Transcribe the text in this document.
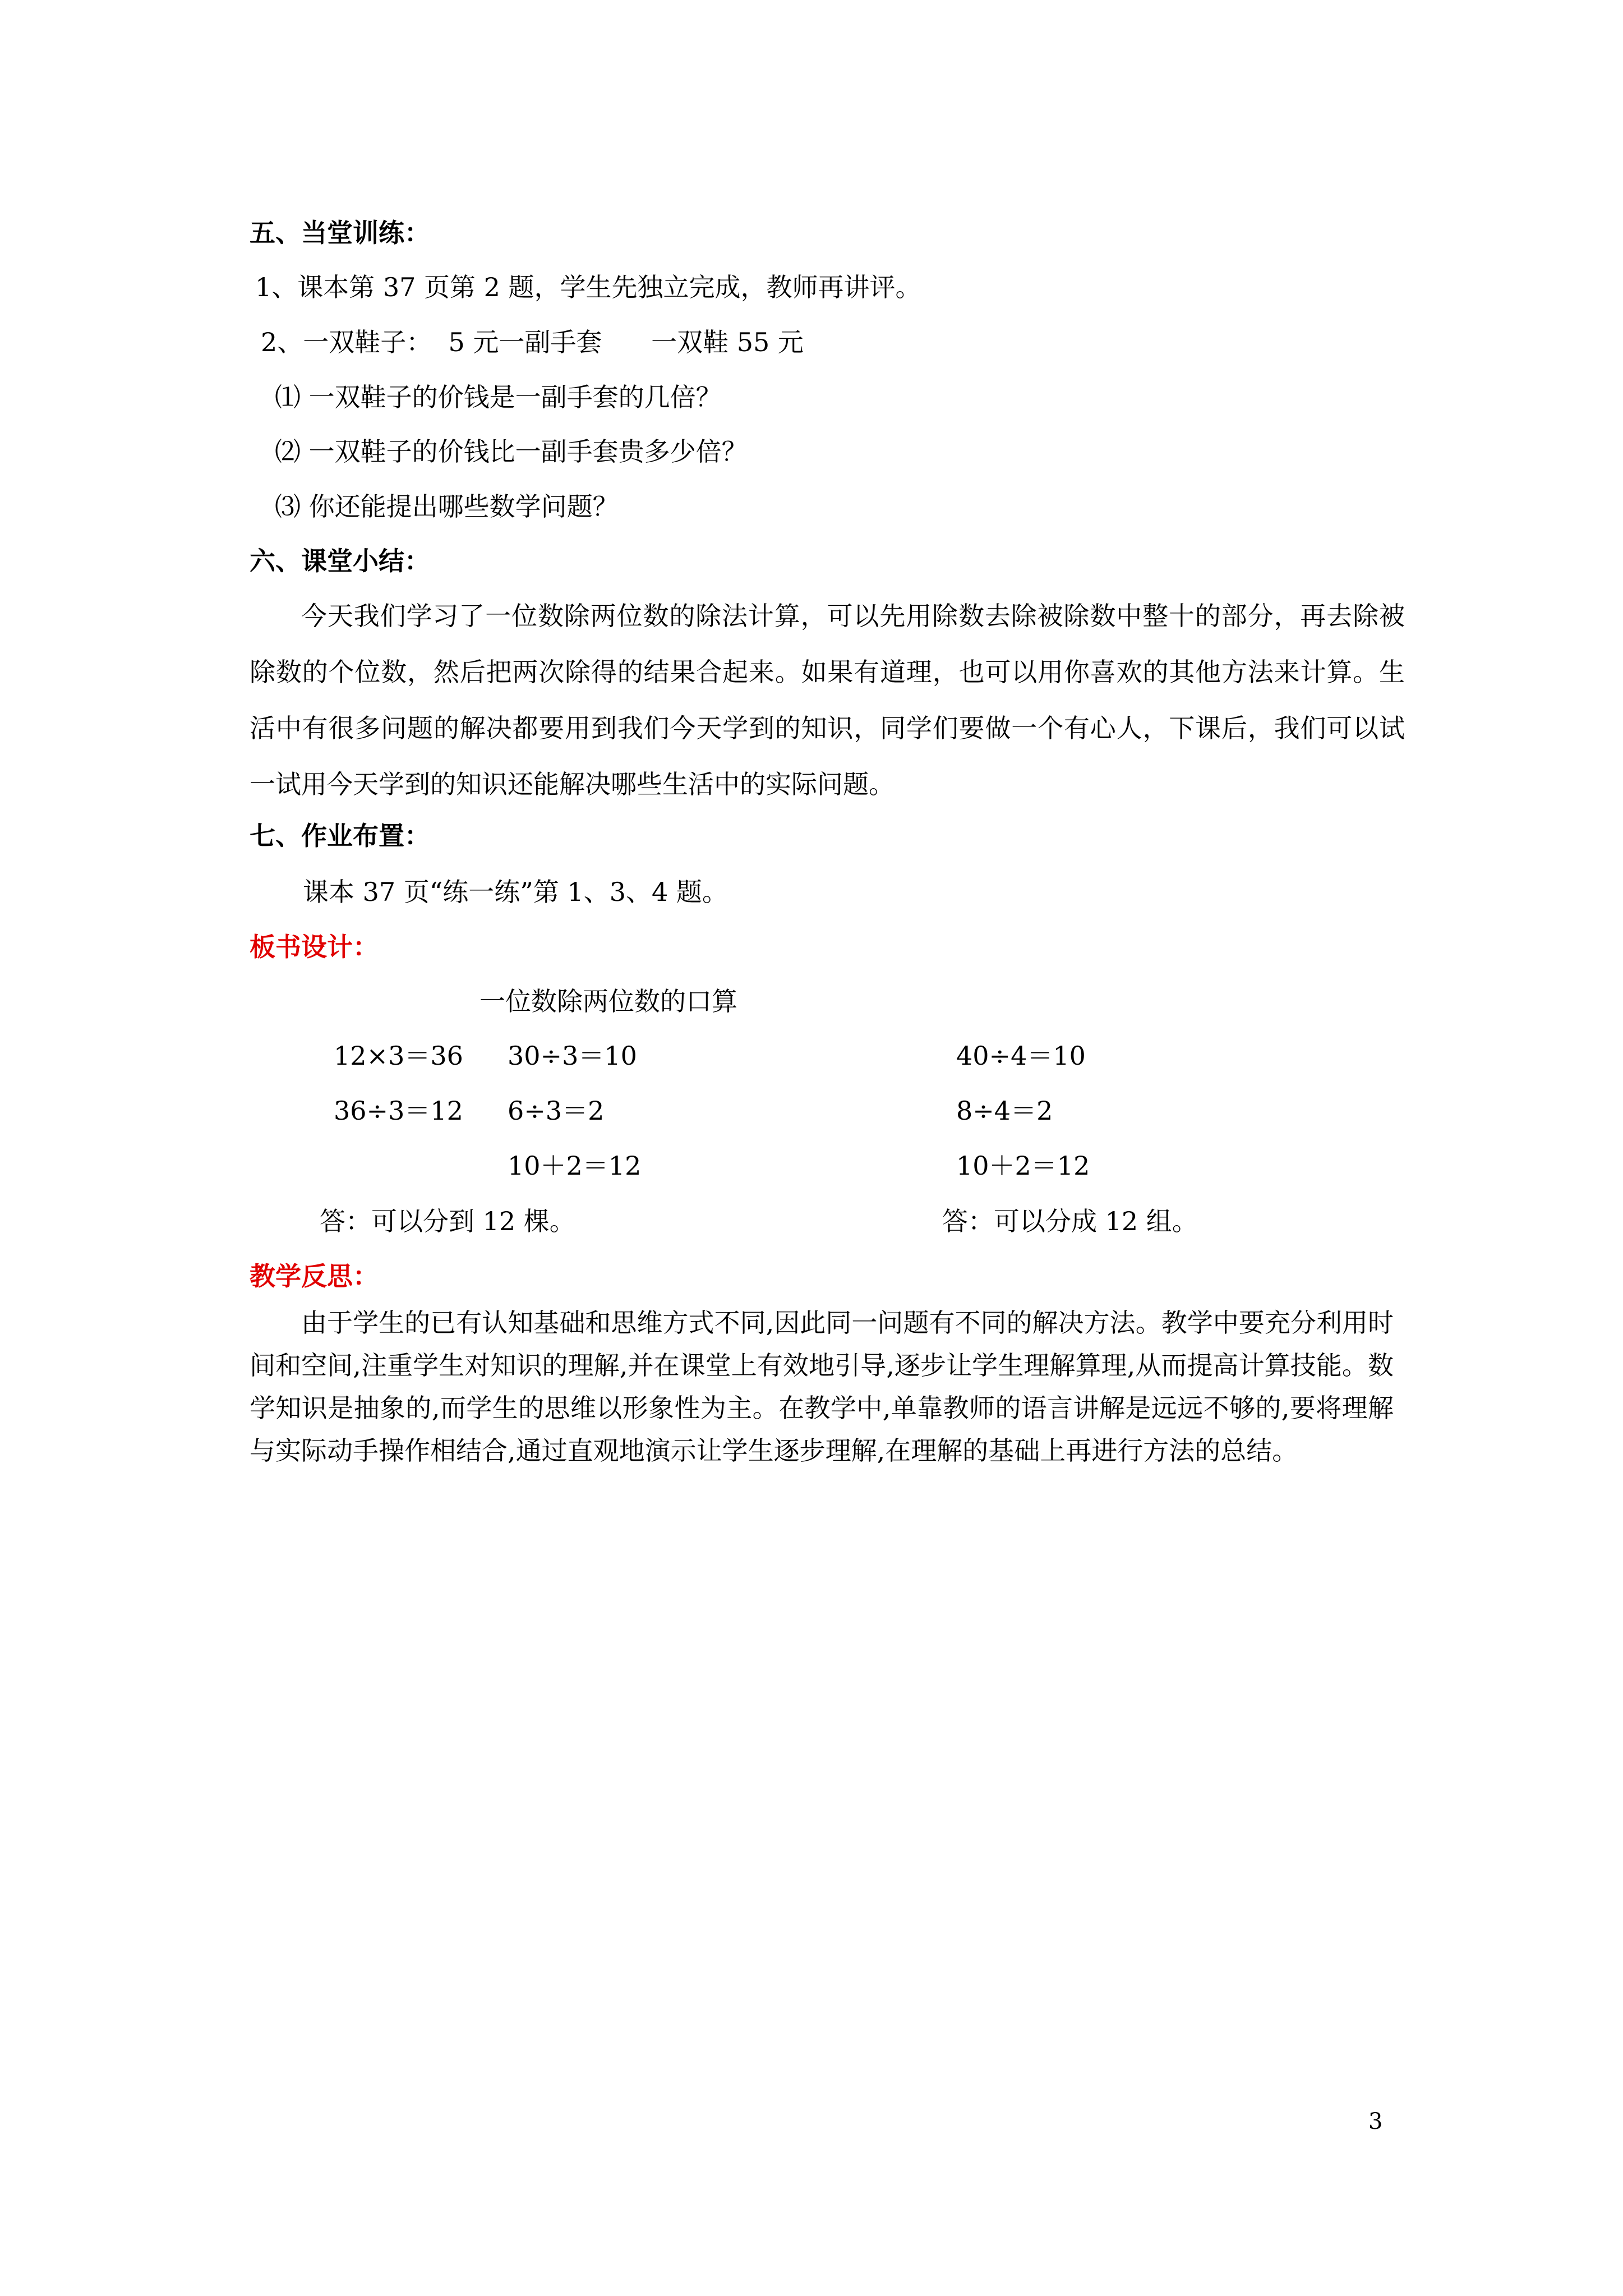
五、当堂训练：
1、课本第 37 页第 2 题，学生先独立完成，教师再讲评。
2、一双鞋子：  5 元一副手套      一双鞋 55 元
⑴ 一双鞋子的价钱是一副手套的几倍？
⑵ 一双鞋子的价钱比一副手套贵多少倍？
⑶ 你还能提出哪些数学问题？
六、课堂小结：
今天我们学习了一位数除两位数的除法计算，可以先用除数去除被除数中整十的部分，再去除被除数的个位数，然后把两次除得的结果合起来。如果有道理，也可以用你喜欢的其他方法来计算。生活中有很多问题的解决都要用到我们今天学到的知识，同学们要做一个有心人，下课后，我们可以试一试用今天学到的知识还能解决哪些生活中的实际问题。
七、作业布置：
课本 37 页“练一练”第 1、3、4 题。
板书设计：
一位数除两位数的口算
12×3＝36
36÷3＝12
30÷3＝10
6÷3＝2
10＋2＝12
40÷4＝10
8÷4＝2
10＋2＝12
答：可以分到 12 棵。	答：可以分成 12 组。
教学反思：
由于学生的已有认知基础和思维方式不同,因此同一问题有不同的解决方法。教学中要充分利用时间和空间,注重学生对知识的理解,并在课堂上有效地引导,逐步让学生理解算理,从而提高计算技能。数学知识是抽象的,而学生的思维以形象性为主。在教学中,单靠教师的语言讲解是远远不够的,要将理解与实际动手操作相结合,通过直观地演示让学生逐步理解,在理解的基础上再进行方法的总结。
3
